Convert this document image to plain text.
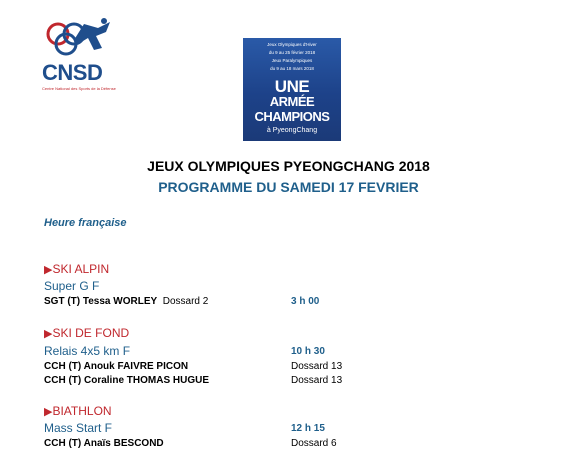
CNSD
Centre National des Sports de la Défense
Jeux Olympiques d'Hiver
du 9 au 25 février 2018
Jeux Paralympiques
du 9 au 18 mars 2018
UNE
ARMÉE
CHAMPIONS
à PyeongChang
JEUX OLYMPIQUES PYEONGCHANG 2018
PROGRAMME DU SAMEDI 17 FEVRIER
Heure française
▶SKI ALPIN
Super G F
SGT (T) Tessa WORLEY Dossard 2	3 h 00
▶SKI DE FOND
Relais 4x5 km F	10 h 30
CCH (T) Anouk FAIVRE PICON	Dossard 13
CCH (T) Coraline THOMAS HUGUE	Dossard 13
▶BIATHLON
Mass Start F	12 h 15
CCH (T) Anaïs BESCOND	Dossard 6
